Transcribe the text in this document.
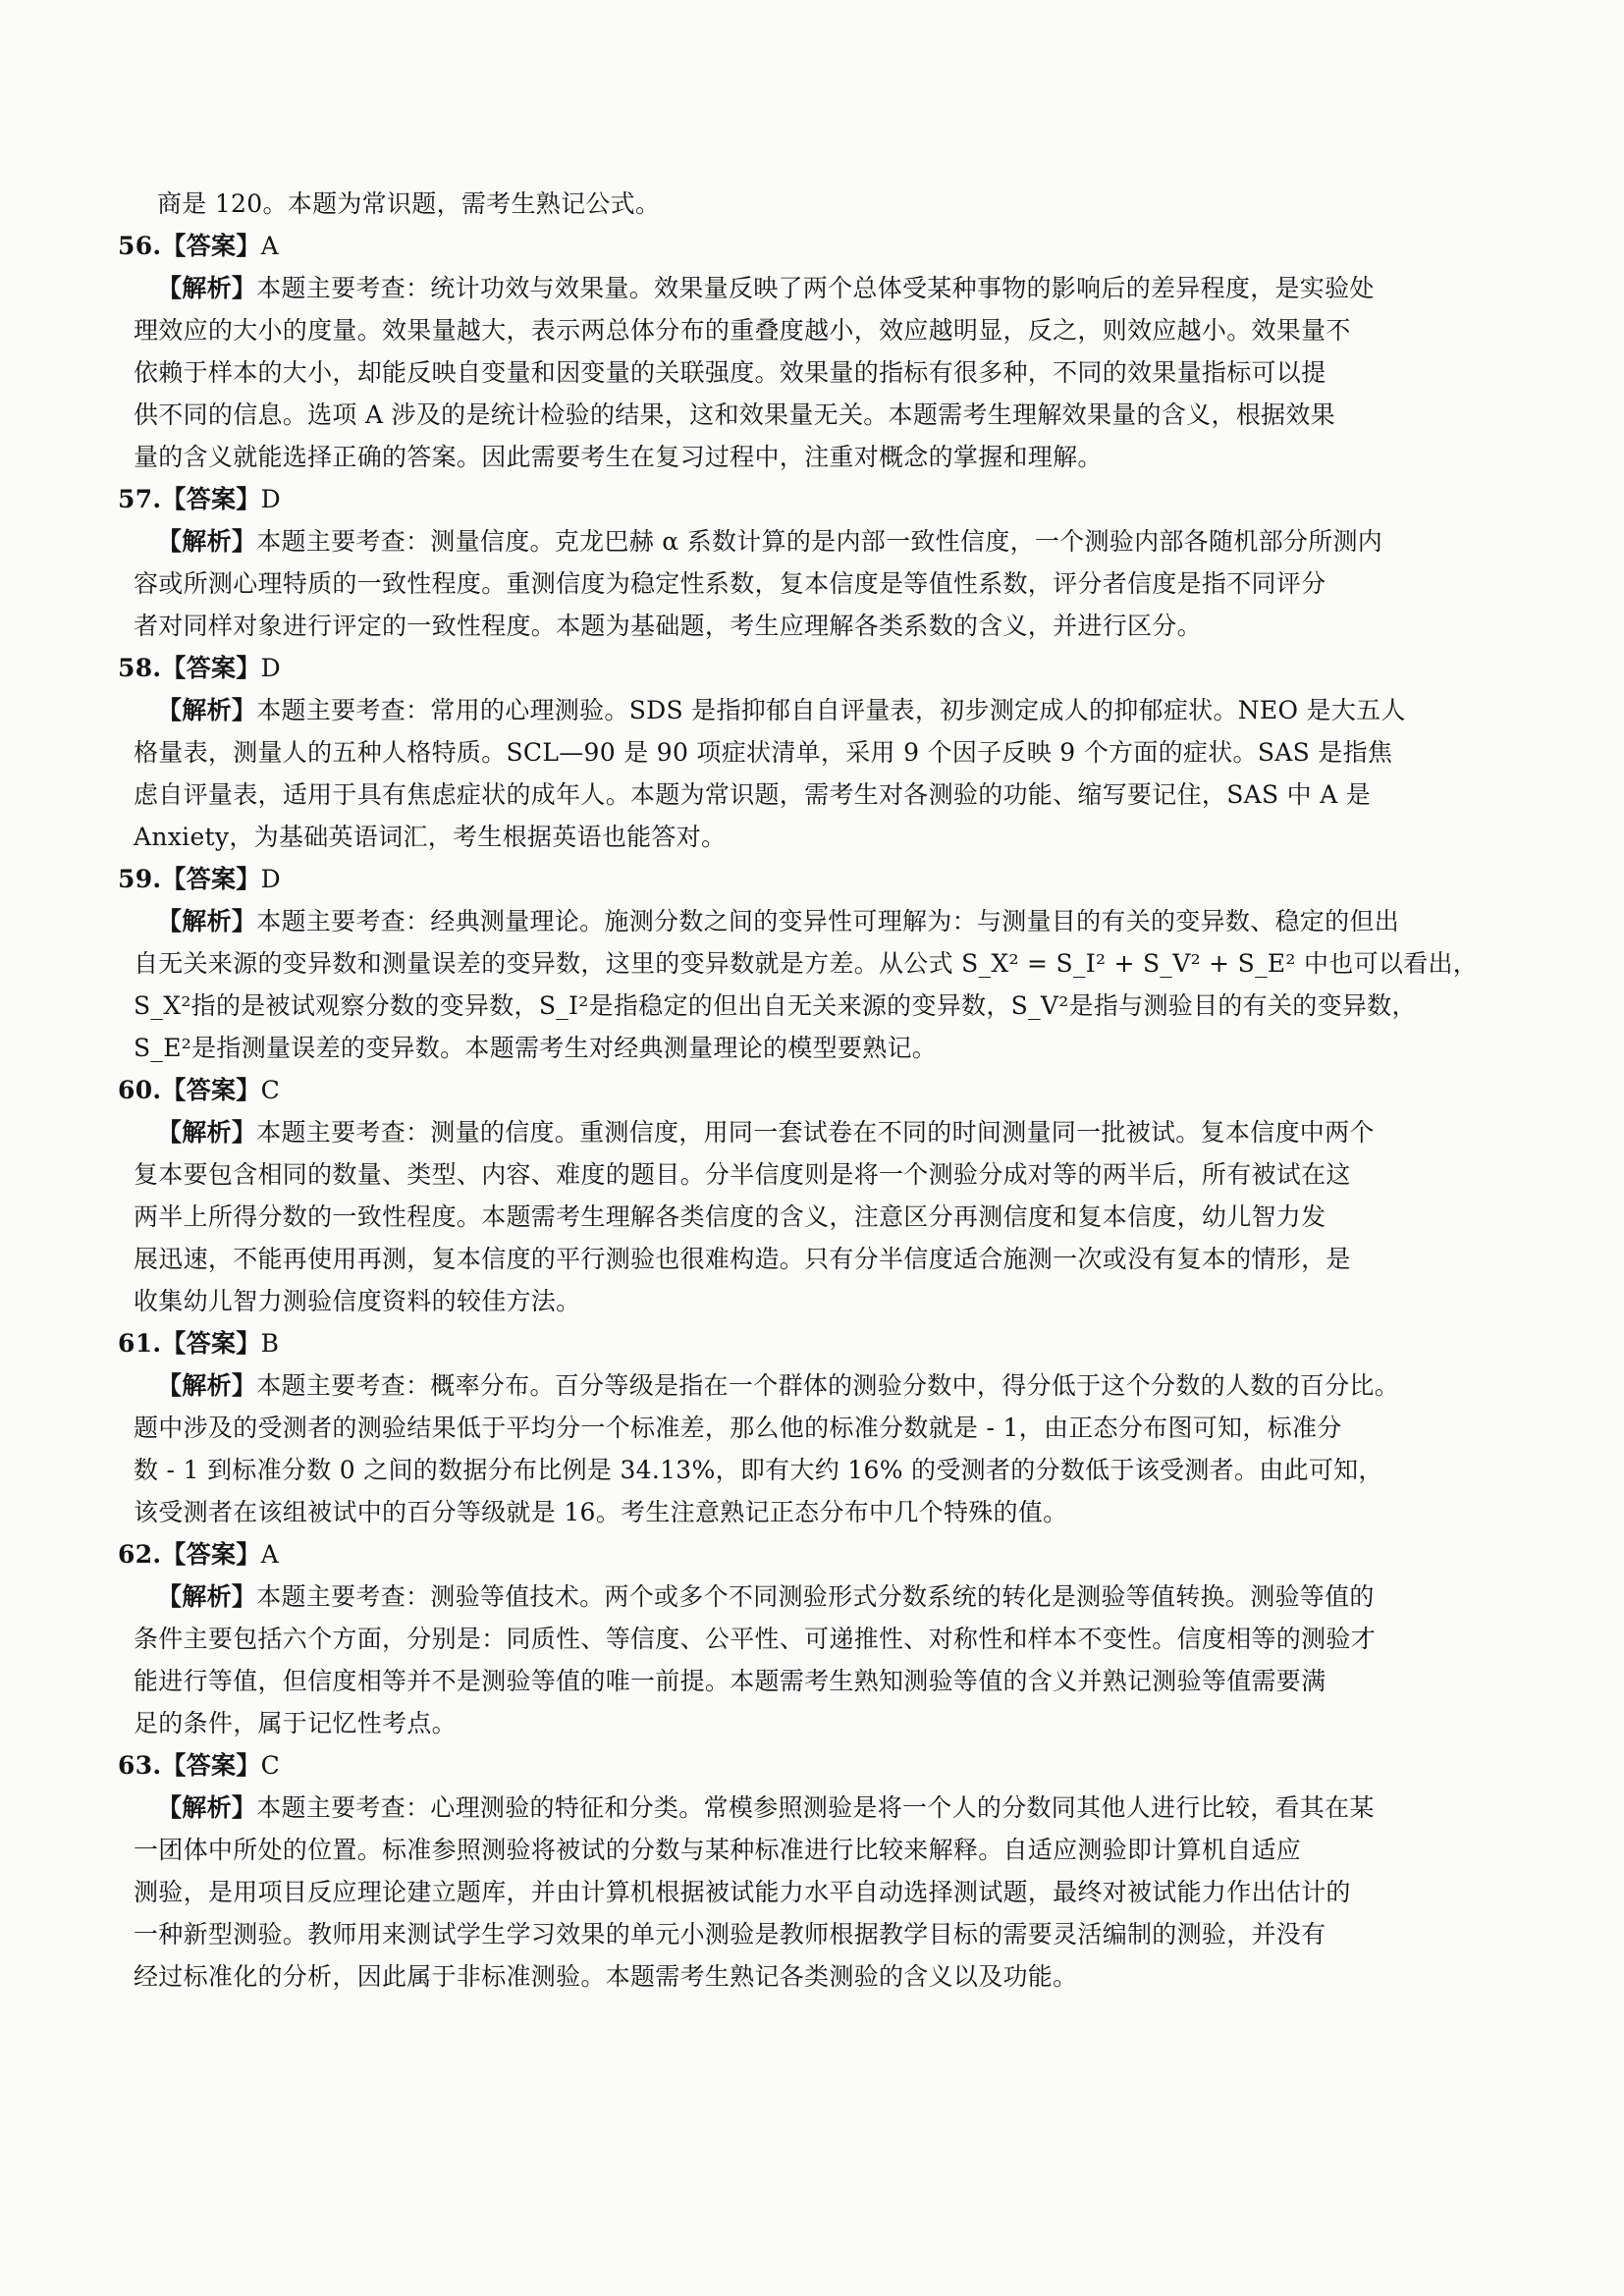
商是 120。本题为常识题，需考生熟记公式。
56.【答案】A
【解析】本题主要考查：统计功效与效果量。效果量反映了两个总体受某种事物的影响后的差异程度，是实验处
理效应的大小的度量。效果量越大，表示两总体分布的重叠度越小，效应越明显，反之，则效应越小。效果量不
依赖于样本的大小，却能反映自变量和因变量的关联强度。效果量的指标有很多种，不同的效果量指标可以提
供不同的信息。选项 A 涉及的是统计检验的结果，这和效果量无关。本题需考生理解效果量的含义，根据效果
量的含义就能选择正确的答案。因此需要考生在复习过程中，注重对概念的掌握和理解。
57.【答案】D
【解析】本题主要考查：测量信度。克龙巴赫 α 系数计算的是内部一致性信度，一个测验内部各随机部分所测内
容或所测心理特质的一致性程度。重测信度为稳定性系数，复本信度是等值性系数，评分者信度是指不同评分
者对同样对象进行评定的一致性程度。本题为基础题，考生应理解各类系数的含义，并进行区分。
58.【答案】D
【解析】本题主要考查：常用的心理测验。SDS 是指抑郁自自评量表，初步测定成人的抑郁症状。NEO 是大五人
格量表，测量人的五种人格特质。SCL—90 是 90 项症状清单，采用 9 个因子反映 9 个方面的症状。SAS 是指焦
虑自评量表，适用于具有焦虑症状的成年人。本题为常识题，需考生对各测验的功能、缩写要记住，SAS 中 A 是
Anxiety，为基础英语词汇，考生根据英语也能答对。
59.【答案】D
【解析】本题主要考查：经典测量理论。施测分数之间的变异性可理解为：与测量目的有关的变异数、稳定的但出
自无关来源的变异数和测量误差的变异数，这里的变异数就是方差。从公式 S_X² = S_I² + S_V² + S_E² 中也可以看出，
S_X²指的是被试观察分数的变异数，S_I²是指稳定的但出自无关来源的变异数，S_V²是指与测验目的有关的变异数，
S_E²是指测量误差的变异数。本题需考生对经典测量理论的模型要熟记。
60.【答案】C
【解析】本题主要考查：测量的信度。重测信度，用同一套试卷在不同的时间测量同一批被试。复本信度中两个
复本要包含相同的数量、类型、内容、难度的题目。分半信度则是将一个测验分成对等的两半后，所有被试在这
两半上所得分数的一致性程度。本题需考生理解各类信度的含义，注意区分再测信度和复本信度，幼儿智力发
展迅速，不能再使用再测，复本信度的平行测验也很难构造。只有分半信度适合施测一次或没有复本的情形，是
收集幼儿智力测验信度资料的较佳方法。
61.【答案】B
【解析】本题主要考查：概率分布。百分等级是指在一个群体的测验分数中，得分低于这个分数的人数的百分比。
题中涉及的受测者的测验结果低于平均分一个标准差，那么他的标准分数就是 - 1，由正态分布图可知，标准分
数 - 1 到标准分数 0 之间的数据分布比例是 34.13%，即有大约 16% 的受测者的分数低于该受测者。由此可知，
该受测者在该组被试中的百分等级就是 16。考生注意熟记正态分布中几个特殊的值。
62.【答案】A
【解析】本题主要考查：测验等值技术。两个或多个不同测验形式分数系统的转化是测验等值转换。测验等值的
条件主要包括六个方面，分别是：同质性、等信度、公平性、可递推性、对称性和样本不变性。信度相等的测验才
能进行等值，但信度相等并不是测验等值的唯一前提。本题需考生熟知测验等值的含义并熟记测验等值需要满
足的条件，属于记忆性考点。
63.【答案】C
【解析】本题主要考查：心理测验的特征和分类。常模参照测验是将一个人的分数同其他人进行比较，看其在某
一团体中所处的位置。标准参照测验将被试的分数与某种标准进行比较来解释。自适应测验即计算机自适应
测验，是用项目反应理论建立题库，并由计算机根据被试能力水平自动选择测试题，最终对被试能力作出估计的
一种新型测验。教师用来测试学生学习效果的单元小测验是教师根据教学目标的需要灵活编制的测验，并没有
经过标准化的分析，因此属于非标准测验。本题需考生熟记各类测验的含义以及功能。
